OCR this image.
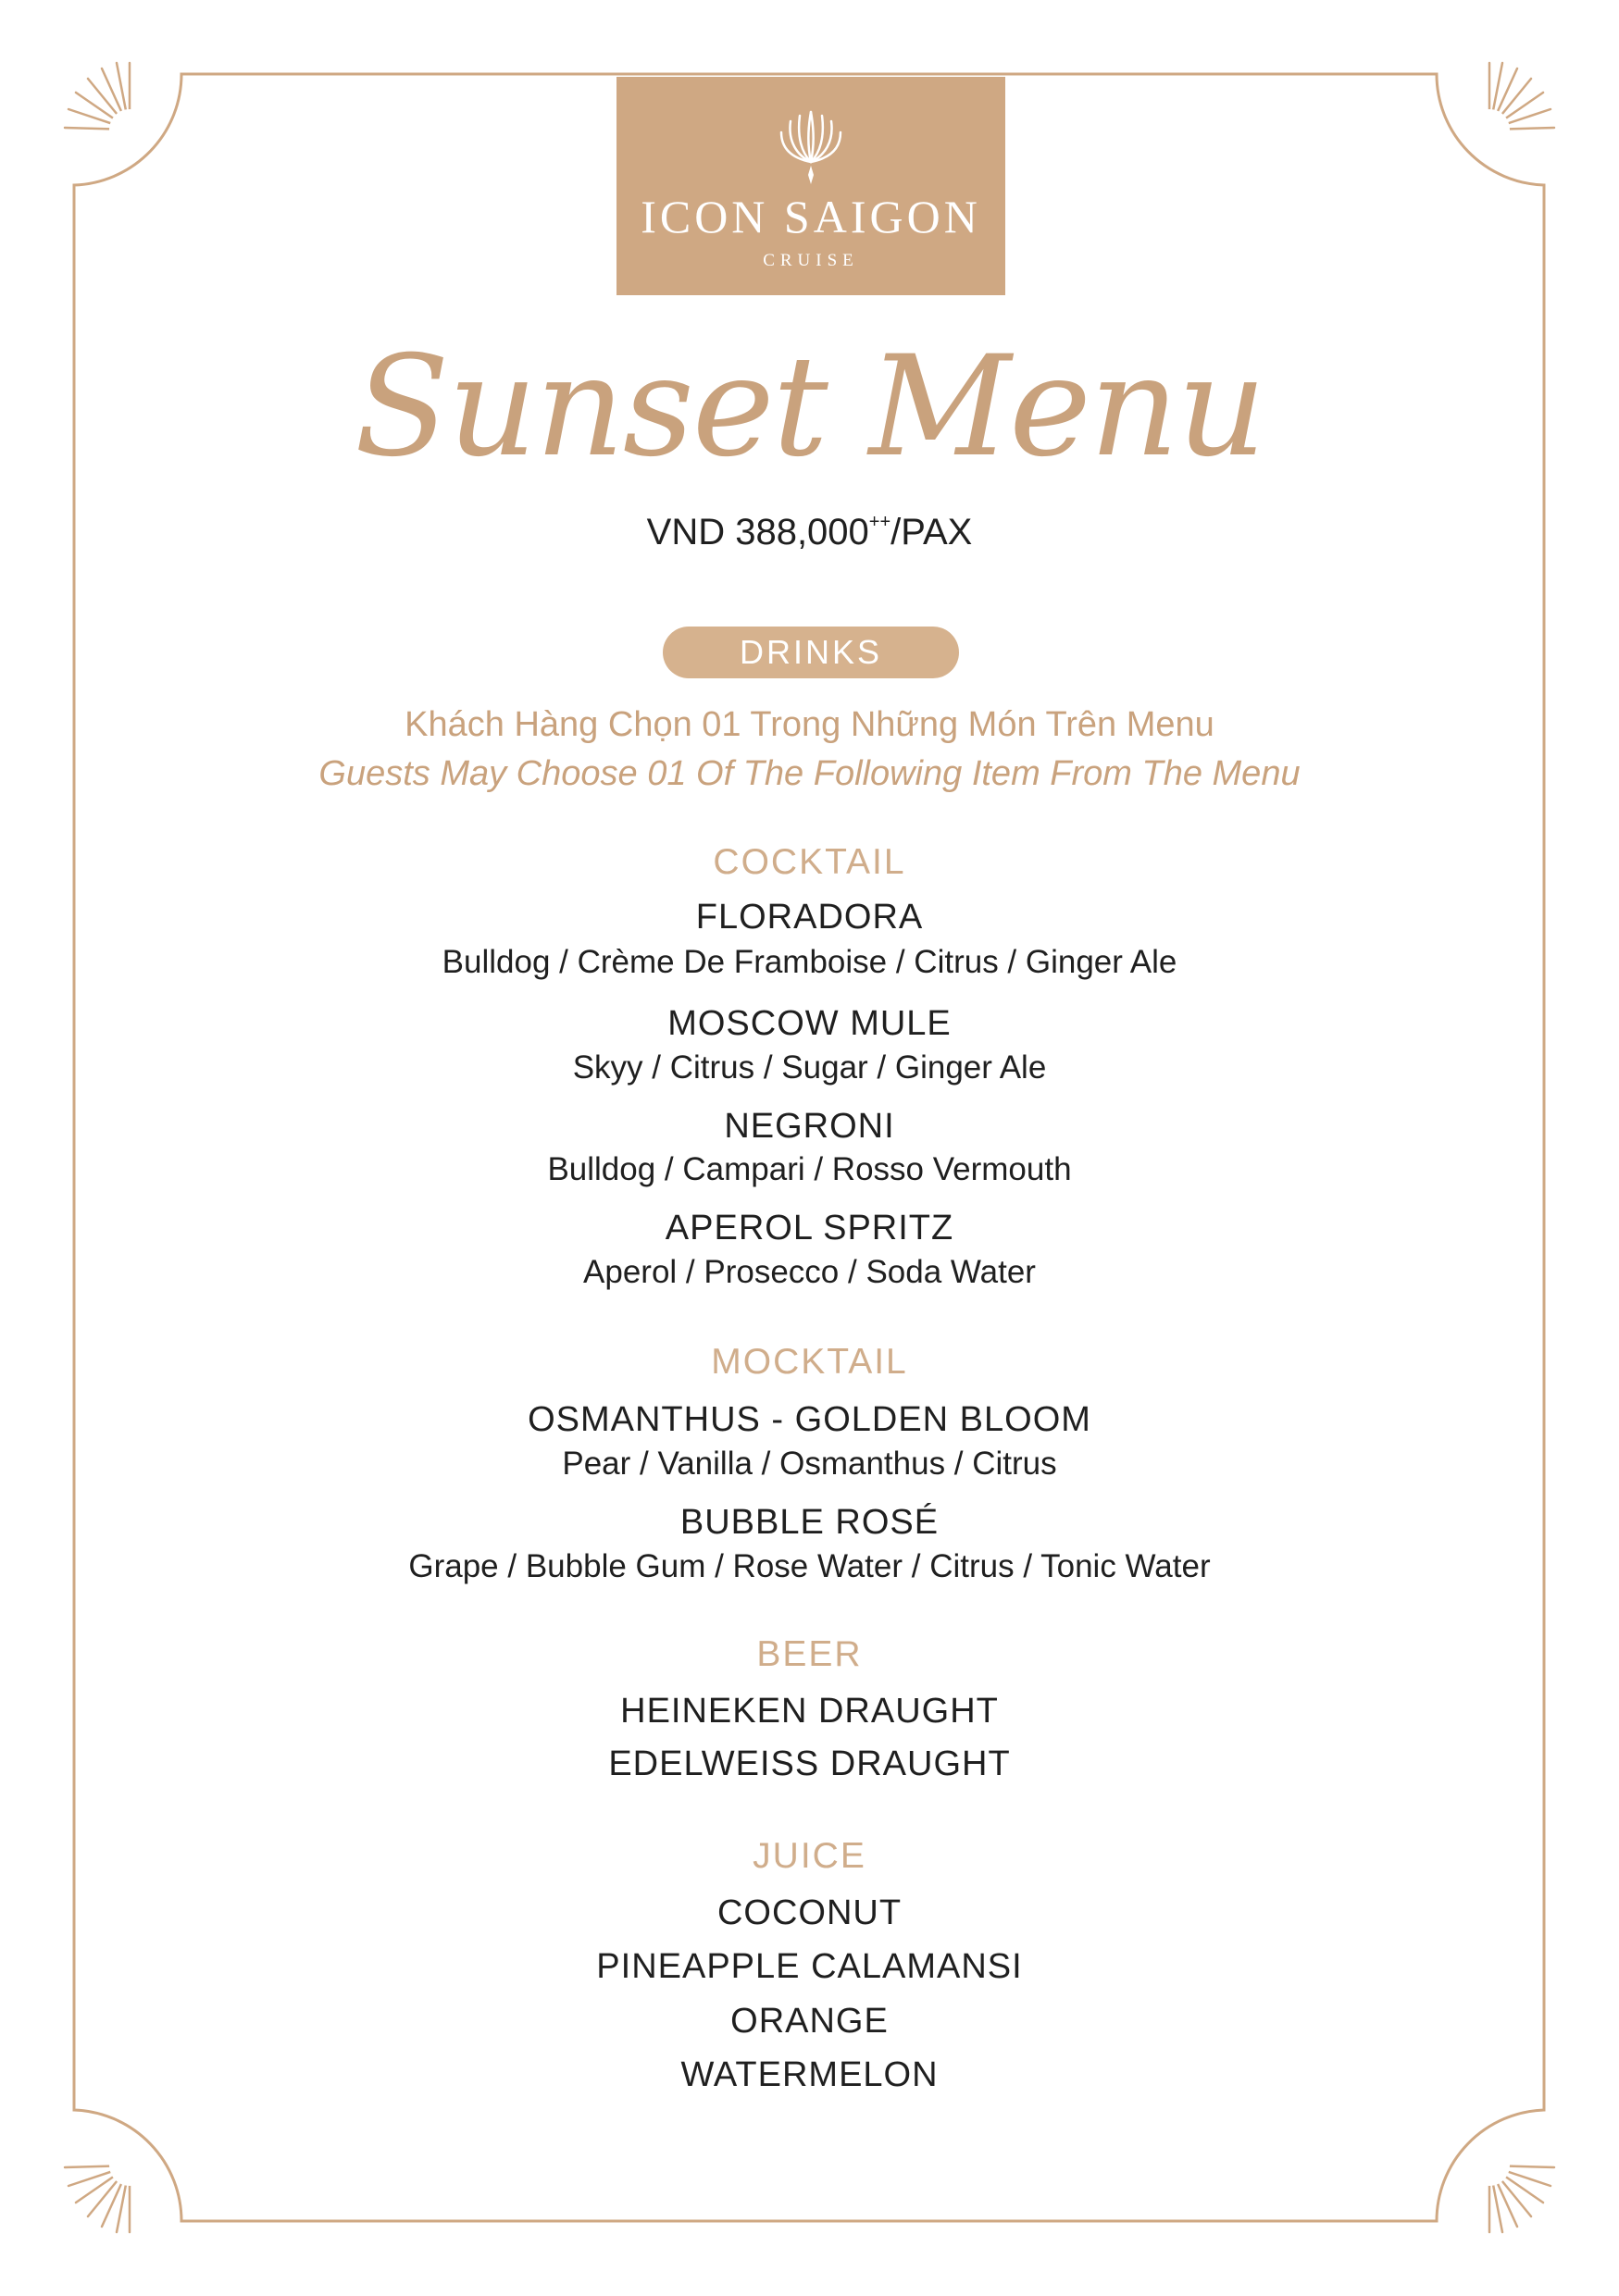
ICON SAIGON
CRUISE
Sunset Menu
VND 388,000++/PAX
DRINKS
Khách Hàng Chọn 01 Trong Những Món Trên Menu
Guests May Choose 01 Of The Following Item From The Menu
COCKTAIL
FLORADORA
Bulldog / Crème De Framboise / Citrus / Ginger Ale
MOSCOW MULE
Skyy / Citrus / Sugar / Ginger Ale
NEGRONI
Bulldog / Campari / Rosso Vermouth
APEROL SPRITZ
Aperol / Prosecco / Soda Water
MOCKTAIL
OSMANTHUS - GOLDEN BLOOM
Pear / Vanilla / Osmanthus / Citrus
BUBBLE ROSÉ
Grape / Bubble Gum / Rose Water / Citrus / Tonic Water
BEER
HEINEKEN DRAUGHT
EDELWEISS DRAUGHT
JUICE
COCONUT
PINEAPPLE CALAMANSI
ORANGE
WATERMELON
